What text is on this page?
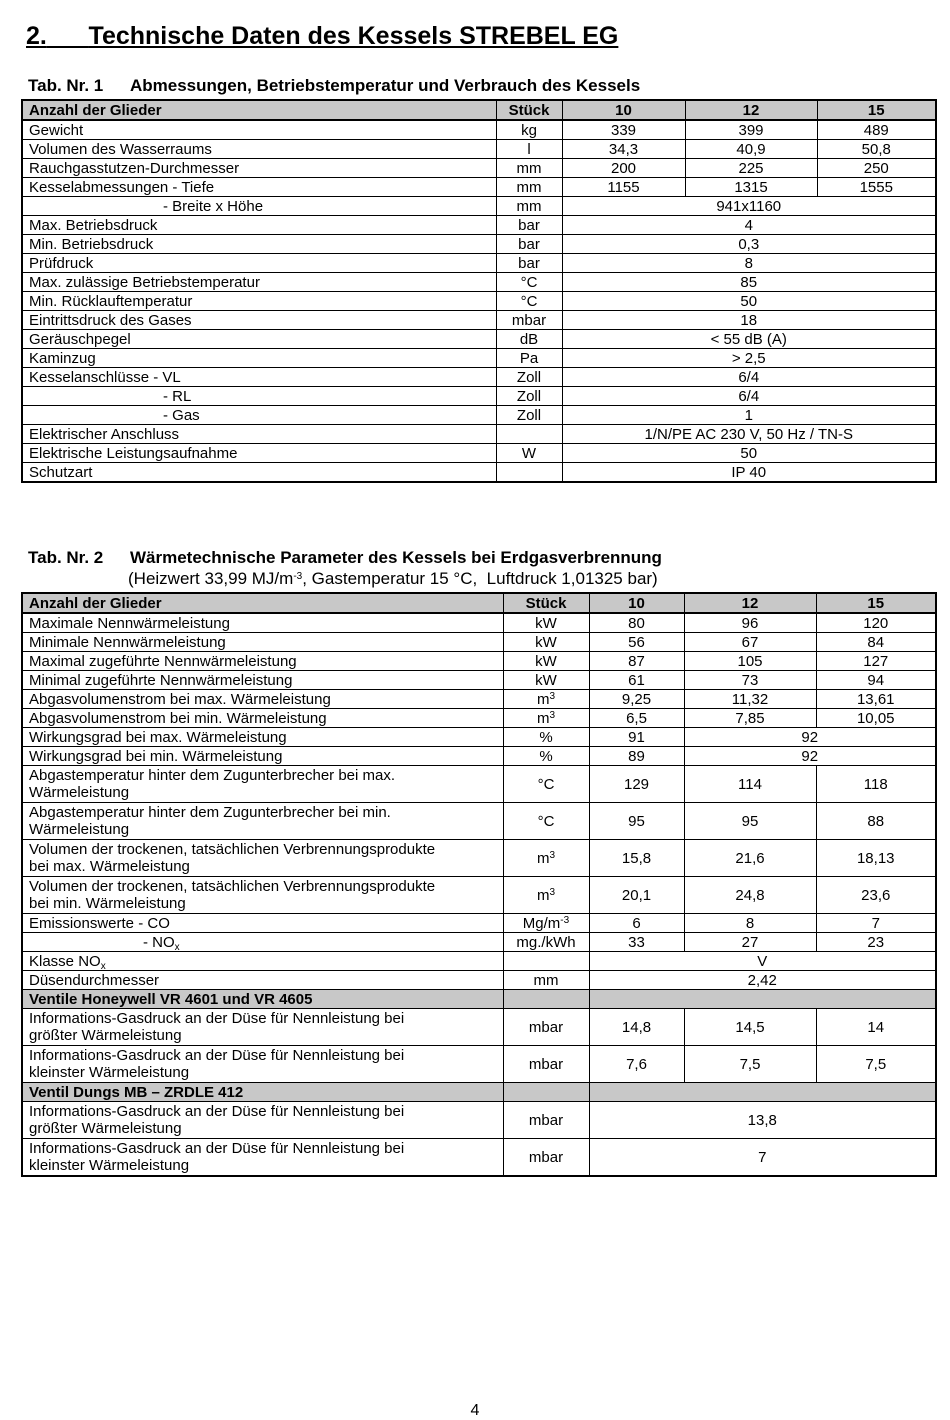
2. Technische Daten des Kessels STREBEL EG
Tab. Nr. 1 Abmessungen, Betriebstemperatur und Verbrauch des Kessels
Anzahl der Glieder	Stück	10	12	15
Gewicht	kg	339	399	489
Volumen des Wasserraums	l	34,3	40,9	50,8
Rauchgasstutzen-Durchmesser	mm	200	225	250
Kesselabmessungen - Tiefe	mm	1155	1315	1555
- Breite x Höhe	mm	941x1160		
Max. Betriebsdruck	bar	4		
Min. Betriebsdruck	bar	0,3		
Prüfdruck	bar	8		
Max. zulässige Betriebstemperatur	°C	85		
Min. Rücklauftemperatur	°C	50		
Eintrittsdruck des Gases	mbar	18		
Geräuschpegel	dB	< 55 dB (A)		
Kaminzug	Pa	> 2,5		
Kesselanschlüsse - VL	Zoll	6/4		
- RL	Zoll	6/4		
- Gas	Zoll	1		
Elektrischer Anschluss		1/N/PE AC 230 V, 50 Hz / TN-S		
Elektrische Leistungsaufnahme	W	50		
Schutzart		IP 40		
Tab. Nr. 2 Wärmetechnische Parameter des Kessels bei Erdgasverbrennung
(Heizwert 33,99 $MJ/m^{-3}$, Gastemperatur 15 °C,  Luftdruck 1,01325 bar)
Anzahl der Glieder	Stück	10	12	15
Maximale Nennwärmeleistung	kW	80	96	120
Minimale Nennwärmeleistung	kW	56	67	84
Maximal zugeführte Nennwärmeleistung	kW	87	105	127
Minimal zugeführte Nennwärmeleistung	kW	61	73	94
Abgasvolumenstrom bei max. Wärmeleistung	$m^3$	9,25	11,32	13,61
Abgasvolumenstrom bei min. Wärmeleistung	$m^3$	6,5	7,85	10,05
Wirkungsgrad bei max. Wärmeleistung	%	91	92	
Wirkungsgrad bei min. Wärmeleistung	%	89	92	
Abgastemperatur hinter dem Zugunterbrecher bei max.
Wärmeleistung	°C	129	114	118
Abgastemperatur hinter dem Zugunterbrecher bei min.
Wärmeleistung	°C	95	95	88
Volumen der trockenen, tatsächlichen Verbrennungsprodukte
bei max. Wärmeleistung	$m^3$	15,8	21,6	18,13
Volumen der trockenen, tatsächlichen Verbrennungsprodukte
bei min. Wärmeleistung	$m^3$	20,1	24,8	23,6
Emissionswerte - CO	$Mg/m^{-3}$	6	8	7
- $NO_x$	mg./kWh	33	27	23
Klasse $NO_x$		V		
Düsendurchmesser	mm	2,42		
Ventile Honeywell VR 4601 und VR 4605				
Informations-Gasdruck an der Düse für Nennleistung bei
größter Wärmeleistung	mbar	14,8	14,5	14
Informations-Gasdruck an der Düse für Nennleistung bei
kleinster Wärmeleistung	mbar	7,6	7,5	7,5
Ventil Dungs MB – ZRDLE 412				
Informations-Gasdruck an der Düse für Nennleistung bei
größter Wärmeleistung	mbar	13,8		
Informations-Gasdruck an der Düse für Nennleistung bei
kleinster Wärmeleistung	mbar	7		
4
